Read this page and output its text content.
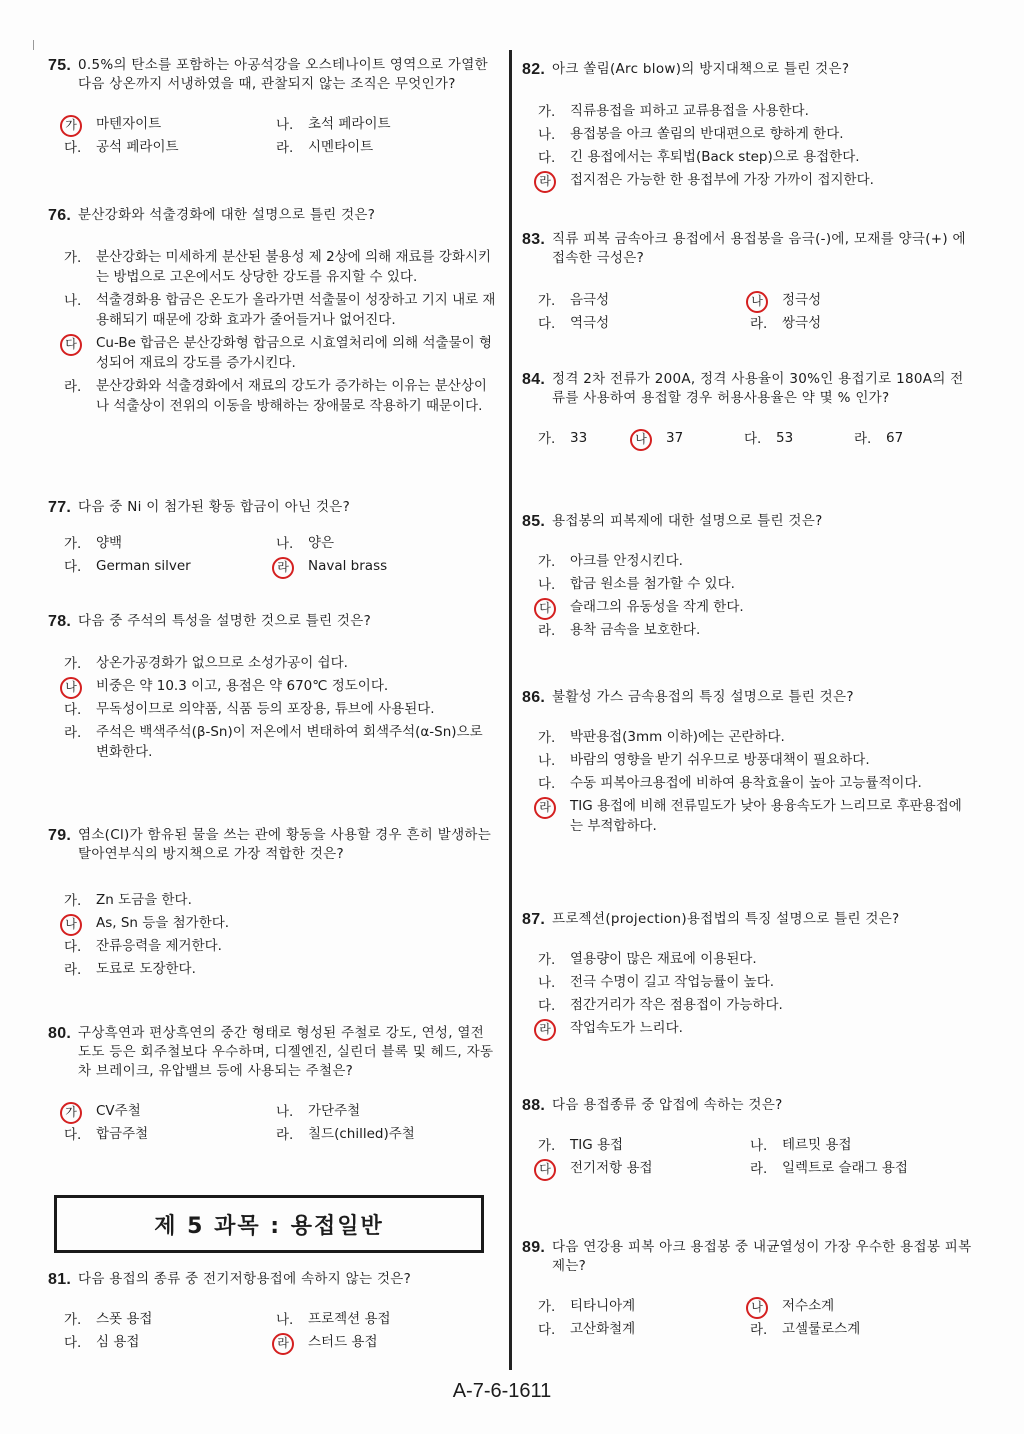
75. 0.5%의 탄소를 포함하는 아공석강을 오스테나이트 영역으로 가열한 다음 상온까지 서냉하였을 때, 관찰되지 않는 조직은 무엇인가?
가	마텐자이트	나.	초석 페라이트
다.	공석 페라이트	라.	시멘타이트
76. 분산강화와 석출경화에 대한 설명으로 틀린 것은?
가.	분산강화는 미세하게 분산된 불용성 제 2상에 의해 재료를 강화시키는 방법으로 고온에서도 상당한 강도를 유지할 수 있다.
나.	석출경화용 합금은 온도가 올라가면 석출물이 성장하고 기지 내로 재용해되기 때문에 강화 효과가 줄어들거나 없어진다.
다	Cu-Be 합금은 분산강화형 합금으로 시효열처리에 의해 석출물이 형성되어 재료의 강도를 증가시킨다.
라.	분산강화와 석출경화에서 재료의 강도가 증가하는 이유는 분산상이나 석출상이 전위의 이동을 방해하는 장애물로 작용하기 때문이다.
77. 다음 중 Ni 이 첨가된 황동 합금이 아닌 것은?
가.	양백	나.	양은
다.	German silver	라	Naval brass
78. 다음 중 주석의 특성을 설명한 것으로 틀린 것은?
가.	상온가공경화가 없으므로 소성가공이 쉽다.
나	비중은 약 10.3 이고, 용점은 약 670℃ 정도이다.
다.	무독성이므로 의약품, 식품 등의 포장용, 튜브에 사용된다.
라.	주석은 백색주석(β-Sn)이 저온에서 변태하여 회색주석(α-Sn)으로 변화한다.
79. 염소(Cl)가 함유된 물을 쓰는 관에 황동을 사용할 경우 흔히 발생하는 탈아연부식의 방지책으로 가장 적합한 것은?
가.	Zn 도금을 한다.
나	As, Sn 등을 첨가한다.
다.	잔류응력을 제거한다.
라.	도료로 도장한다.
80. 구상흑연과 편상흑연의 중간 형태로 형성된 주철로 강도, 연성, 열전도도 등은 회주철보다 우수하며, 디젤엔진, 실린더 블록 및 헤드, 자동차 브레이크, 유압밸브 등에 사용되는 주철은?
가	CV주철	나.	가단주철
다.	합금주철	라.	칠드(chilled)주철
81. 다음 용접의 종류 중 전기저항용접에 속하지 않는 것은?
가.	스폿 용접	나.	프로젝션 용접
다.	심 용접	라	스터드 용접
제 5 과목 : 용접일반
82. 아크 쏠림(Arc blow)의 방지대책으로 틀린 것은?
가.	직류용접을 피하고 교류용접을 사용한다.
나.	용접봉을 아크 쏠림의 반대편으로 향하게 한다.
다.	긴 용접에서는 후퇴법(Back step)으로 용접한다.
라	접지점은 가능한 한 용접부에 가장 가까이 접지한다.
83. 직류 피복 금속아크 용접에서 용접봉을 음극(-)에, 모재를 양극(+) 에 접속한 극성은?
가.	음극성	나	정극성
다.	역극성	라.	쌍극성
84. 정격 2차 전류가 200A, 정격 사용율이 30%인 용접기로 180A의 전류를 사용하여 용접할 경우 허용사용율은 약 몇 % 인가?
가.	33	나	37	다.	53	라.	67
85. 용접봉의 피복제에 대한 설명으로 틀린 것은?
가.	아크를 안정시킨다.
나.	합금 원소를 첨가할 수 있다.
다	슬래그의 유동성을 작게 한다.
라.	용착 금속을 보호한다.
86. 불활성 가스 금속용접의 특징 설명으로 틀린 것은?
가.	박판용접(3mm 이하)에는 곤란하다.
나.	바람의 영향을 받기 쉬우므로 방풍대책이 필요하다.
다.	수동 피복아크용접에 비하여 용착효율이 높아 고능률적이다.
라	TIG 용접에 비해 전류밀도가 낮아 용융속도가 느리므로 후판용접에는 부적합하다.
87. 프로젝션(projection)용접법의 특징 설명으로 틀린 것은?
가.	열용량이 많은 재료에 이용된다.
나.	전극 수명이 길고 작업능률이 높다.
다.	점간거리가 작은 점용접이 가능하다.
라	작업속도가 느리다.
88. 다음 용접종류 중 압접에 속하는 것은?
가.	TIG 용접	나.	테르밋 용접
다	전기저항 용접	라.	일렉트로 슬래그 용접
89. 다음 연강용 피복 아크 용접봉 중 내균열성이 가장 우수한 용접봉 피복제는?
가.	티타니아계	나	저수소계
다.	고산화철계	라.	고셀룰로스계
A-7-6-1611
